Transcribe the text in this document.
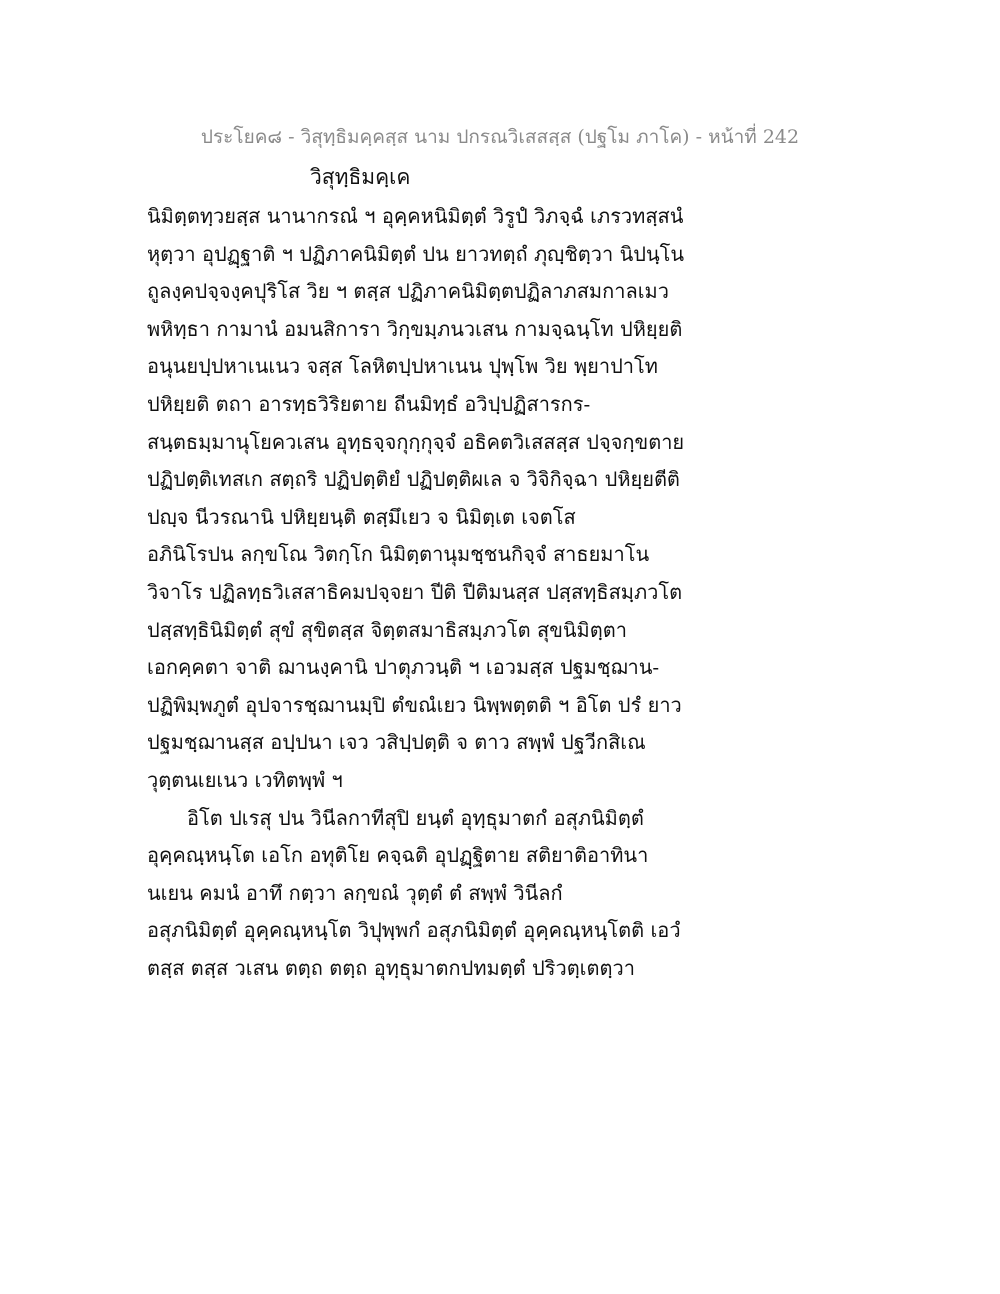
ประโยค๘ - วิสุทฺธิมคฺคสฺส นาม ปกรณวิเสสสฺส (ปฐโม ภาโค) - หน้าที่ 242
วิสุทฺธิมคฺเค
นิมิตฺตทฺวยสฺส นานากรณํ ฯ อุคฺคหนิมิตฺตํ วิรูปํ วิภจฺฉํ เภรวทสฺสนํ
หุตฺวา อุปฏฺฐาติ ฯ ปฏิภาคนิมิตฺตํ ปน ยาวทตฺถํ ภุญฺชิตฺวา นิปนฺโน
ถูลงฺคปจฺจงฺคปุริโส วิย ฯ ตสฺส ปฏิภาคนิมิตฺตปฏิลาภสมกาลเมว
พหิทฺธา กามานํ อมนสิการา วิกฺขมฺภนวเสน กามจฺฉนฺโท ปหิยฺยติ
อนุนยปฺปหาเนเนว จสฺส โลหิตปฺปหาเนน ปุพฺโพ วิย พฺยาปาโท
ปหิยฺยติ ตถา อารทฺธวิริยตาย ถีนมิทฺธํ อวิปฺปฏิสารกร-
สนฺตธมฺมานุโยควเสน อุทฺธจฺจกุกฺกุจฺจํ อธิคตวิเสสสฺส ปจฺจกฺขตาย
ปฏิปตฺติเทสเก สตฺถริ ปฏิปตฺติยํ ปฏิปตฺติผเล จ วิจิกิจฺฉา ปหิยฺยตีติ
ปญฺจ นีวรณานิ ปหิยฺยนฺติ ตสฺมึเยว จ นิมิตฺเต เจตโส
อภินิโรปน ลกฺขโณ วิตกฺโก นิมิตฺตานุมชฺชนกิจฺจํ สาธยมาโน
วิจาโร ปฏิลทฺธวิเสสาธิคมปจฺจยา ปีติ ปีติมนสฺส ปสฺสทฺธิสมฺภวโต
ปสฺสทฺธินิมิตฺตํ สุขํ สุขิตสฺส จิตฺตสมาธิสมฺภวโต สุขนิมิตฺตา
เอกคฺคตา จาติ ฌานงฺคานิ ปาตุภวนฺติ ฯ เอวมสฺส ปฐมชฺฌาน-
ปฏิพิมฺพภูตํ อุปจารชฺฌานมฺปิ ตํขณํเยว นิพฺพตฺตติ ฯ อิโต ปรํ ยาว
ปฐมชฺฌานสฺส อปฺปนา เจว วสิปฺปตฺติ จ ตาว สพฺพํ ปฐวีกสิเณ
วุตฺตนเยเนว เวทิตพฺพํ ฯ
อิโต ปเรสุ ปน วินีลกาทีสุปิ ยนฺตํ อุทฺธุมาตกํ อสุภนิมิตฺตํ
อุคฺคณฺหนฺโต เอโก อทุติโย คจฺฉติ อุปฏฺฐิตาย สติยาติอาทินา
นเยน คมนํ อาทึ กตฺวา ลกฺขณํ วุตฺตํ ตํ สพฺพํ วินีลกํ
อสุภนิมิตฺตํ อุคฺคณฺหนฺโต วิปุพฺพกํ อสุภนิมิตฺตํ อุคฺคณฺหนฺโตติ เอวํ
ตสฺส ตสฺส วเสน ตตฺถ ตตฺถ อุทฺธุมาตกปทมตฺตํ ปริวตฺเตตฺวา
